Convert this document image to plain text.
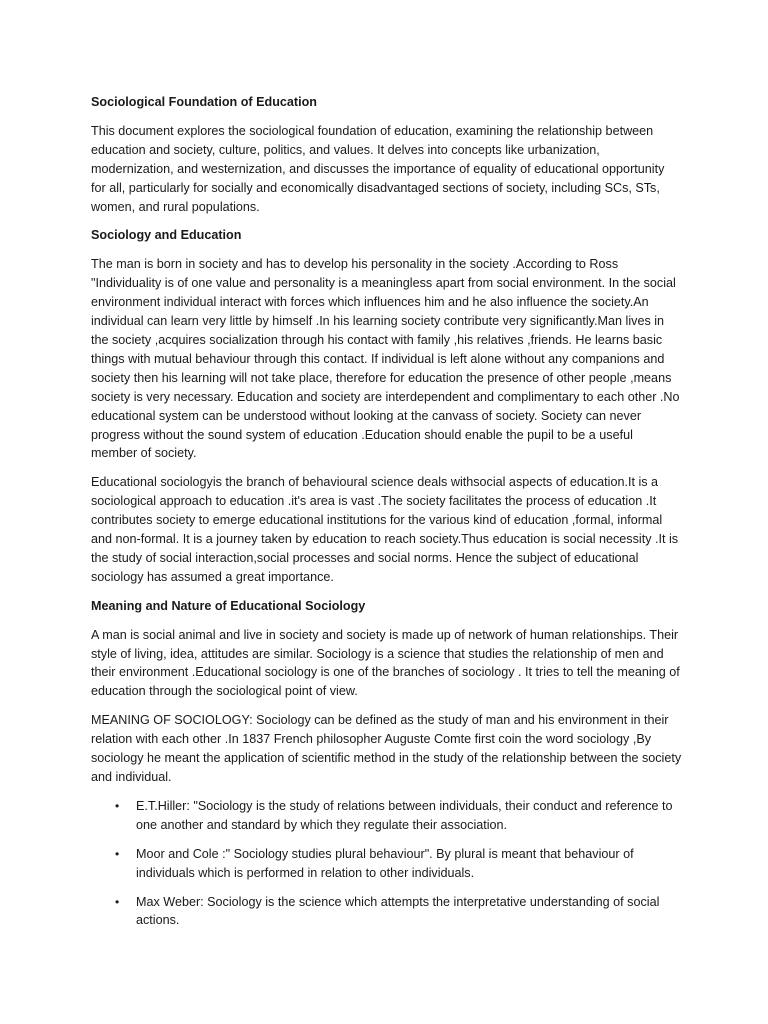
Sociological Foundation of Education

This document explores the sociological foundation of education, examining the relationship between education and society, culture, politics, and values. It delves into concepts like urbanization, modernization, and westernization, and discusses the importance of equality of educational opportunity for all, particularly for socially and economically disadvantaged sections of society, including SCs, STs, women, and rural populations.

Sociology and Education

The man is born in society and has to develop his personality in the society .According to Ross "Individuality is of one value and personality is a meaningless apart from social environment. In the social environment individual interact with forces which influences him and he also influence the society.An individual can learn very little by himself .In his learning society contribute very significantly.Man lives in the society ,acquires socialization through his contact with family ,his relatives ,friends. He learns basic things with mutual behaviour through this contact. If individual is left alone without any companions and society then his learning will not take place, therefore for education the presence of other people ,means society is very necessary. Education and society are interdependent and complimentary to each other .No educational system can be understood without looking at the canvass of society. Society can never progress without the sound system of education .Education should enable the pupil to be a useful member of society.

Educational sociologyis the branch of behavioural science deals withsocial aspects of education.It is a sociological approach to education .it's area is vast .The society facilitates the process of education .It contributes society to emerge educational institutions for the various kind of education ,formal, informal and non-formal. It is a journey taken by education to reach society.Thus education is social necessity .It is the study of social interaction,social processes and social norms. Hence the subject of educational sociology has assumed a great importance.

Meaning and Nature of Educational Sociology

A man is social animal and live in society and society is made up of network of human relationships. Their style of living, idea, attitudes are similar. Sociology is a science that studies the relationship of men and their environment .Educational sociology is one of the branches of sociology . It tries to tell the meaning of education through the sociological point of view.

MEANING OF SOCIOLOGY: Sociology can be defined as the study of man and his environment in their relation with each other .In 1837 French philosopher Auguste Comte first coin the word sociology ,By sociology he meant the application of scientific method in the study of the relationship between the society and individual.

• E.T.Hiller: "Sociology is the study of relations between individuals, their conduct and reference to one another and standard by which they regulate their association.
• Moor and Cole :" Sociology studies plural behaviour". By plural is meant that behaviour of individuals which is performed in relation to other individuals.
• Max Weber: Sociology is the science which attempts the interpretative understanding of social actions.
